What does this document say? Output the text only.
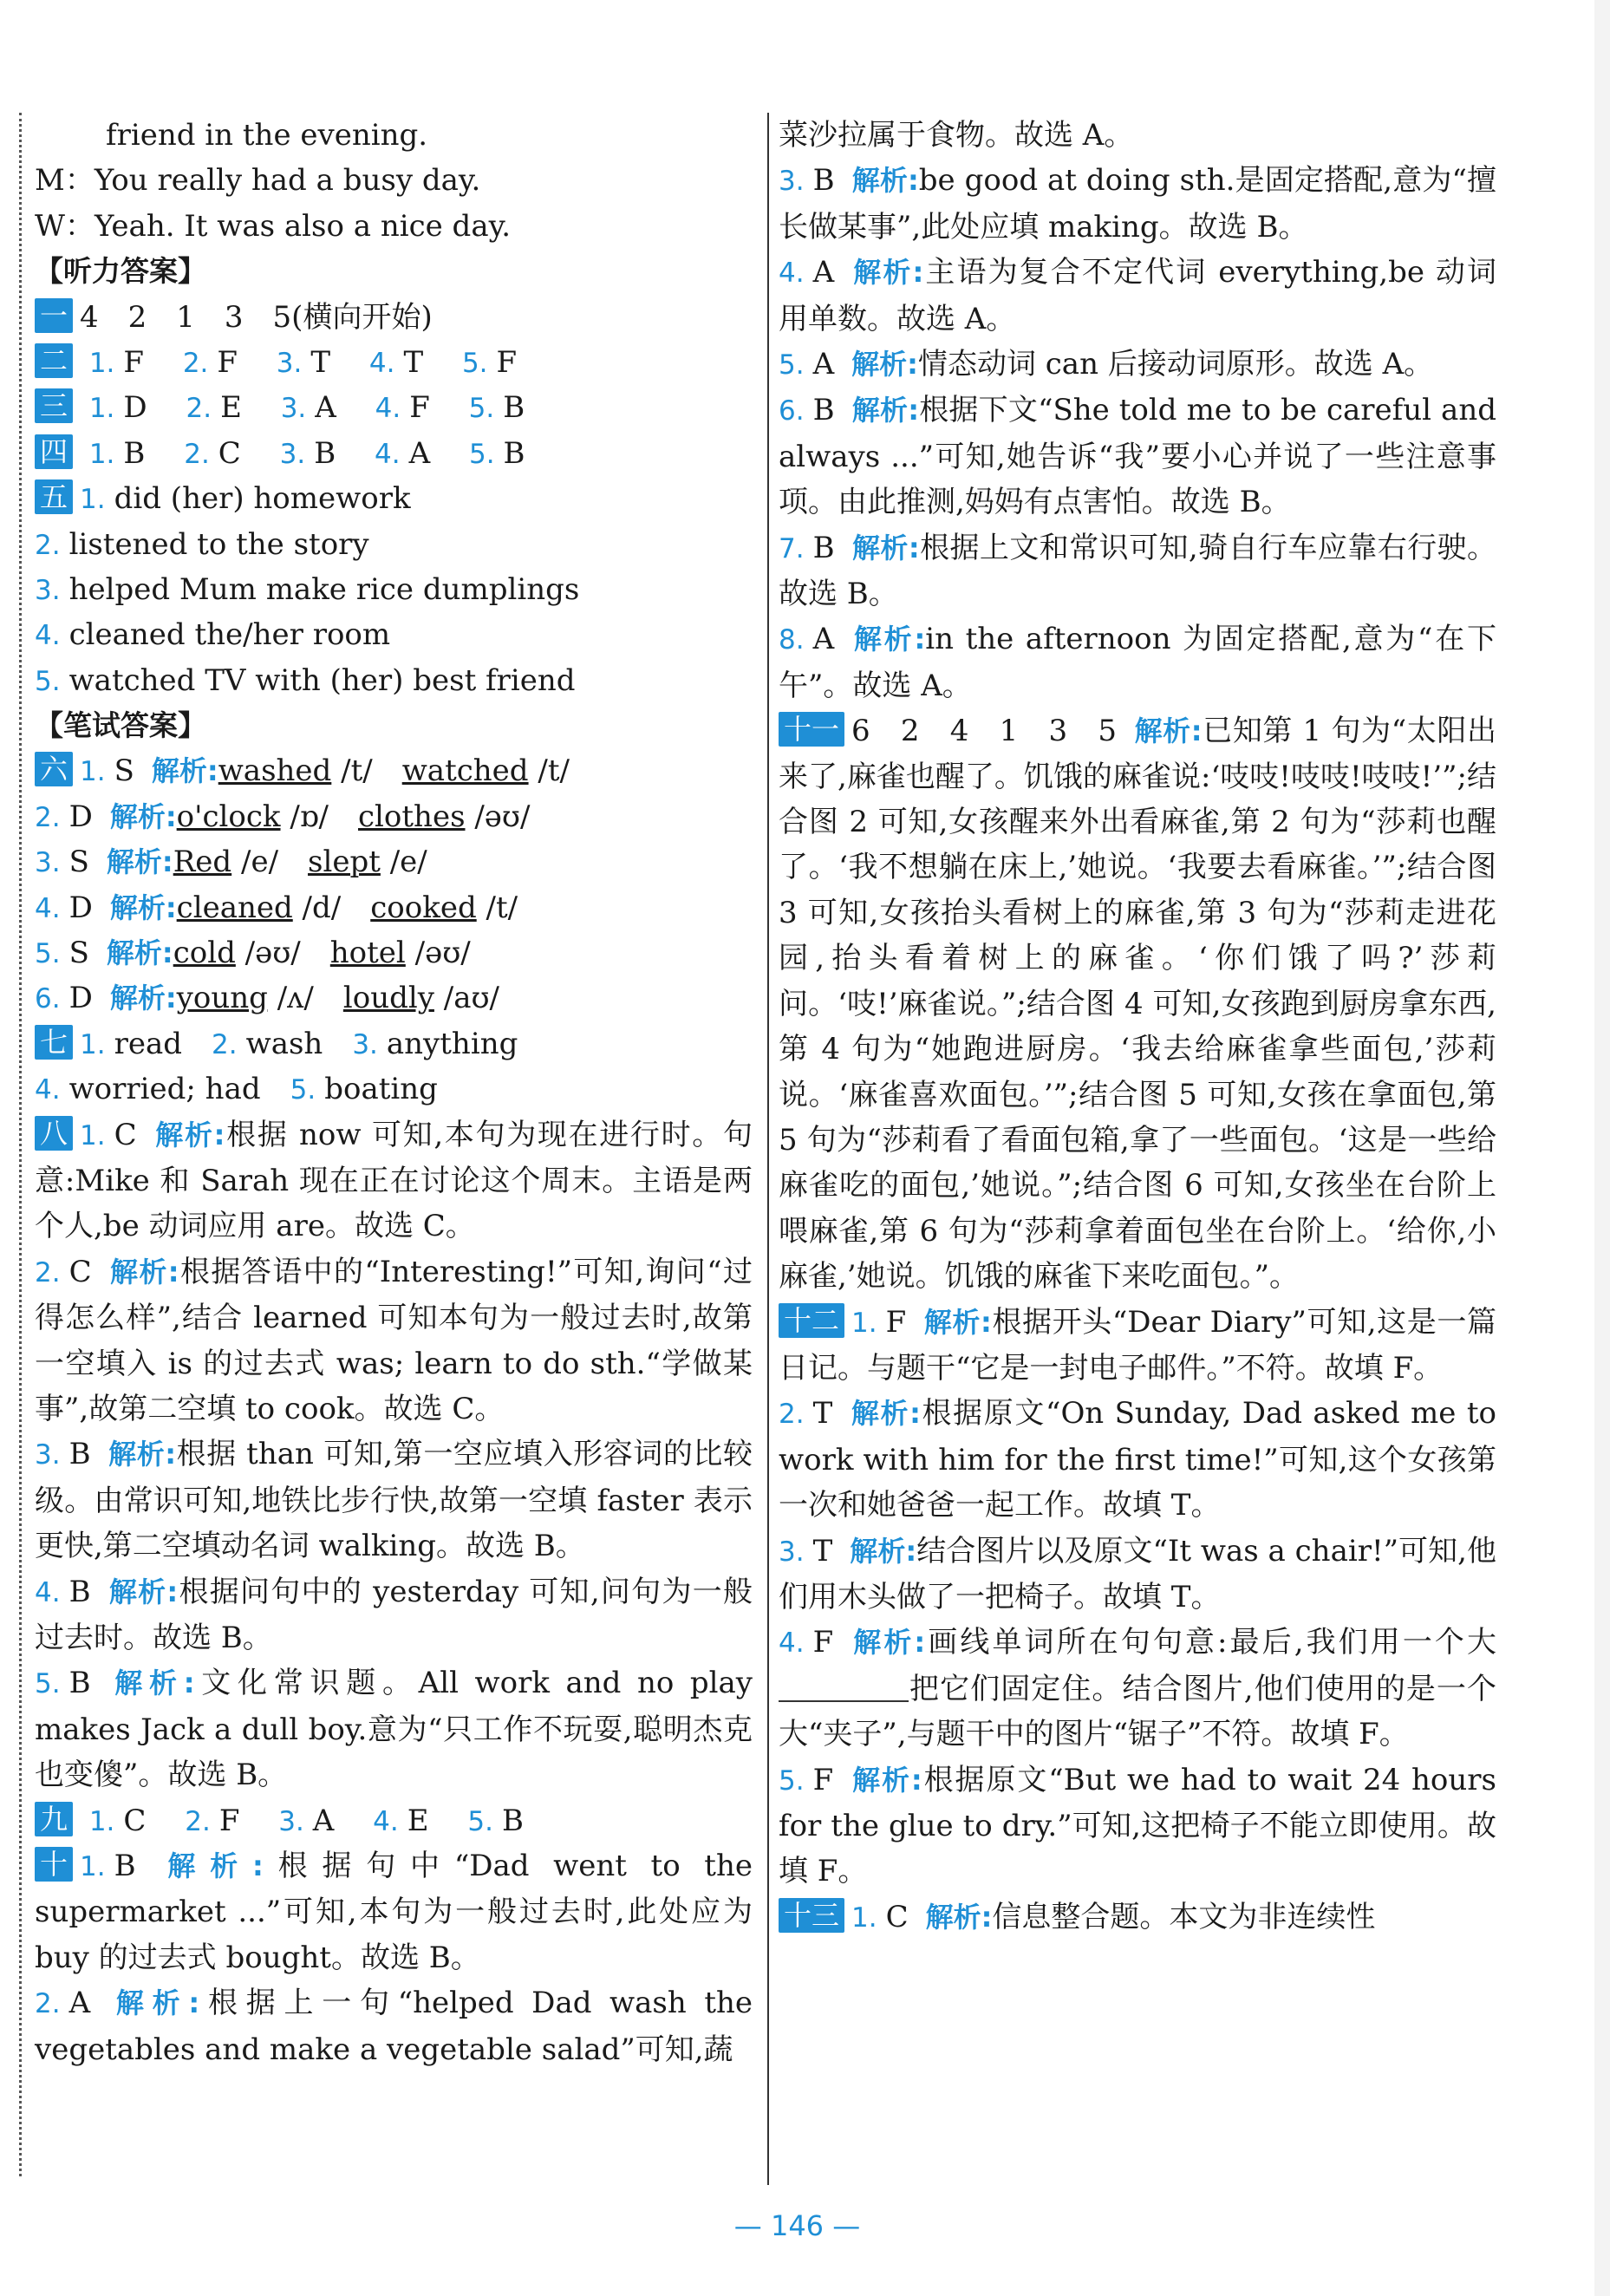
friend in the evening.
M：You really had a busy day.
W：Yeah. It was also a nice day.
【听力答案】
一 4　2　1　3　5(横向开始)
二 1. F  2. F  3. T  4. T  5. F
三 1. D  2. E  3. A  4. F  5. B
四 1. B  2. C  3. B  4. A  5. B
五 1. did (her) homework
2. listened to the story
3. helped Mum make rice dumplings
4. cleaned the/her room
5. watched TV with (her) best friend
【笔试答案】
六 1. S 解析:washed /t/  watched /t/
2. D 解析:o'clock /ɒ/  clothes /əʊ/
3. S 解析:Red /e/  slept /e/
4. D 解析:cleaned /d/  cooked /t/
5. S 解析:cold /əʊ/  hotel /əʊ/
6. D 解析:young /ʌ/  loudly /aʊ/
七 1. read  2. wash  3. anything
4. worried; had  5. boating
八 1. C 解析:根据 now 可知,本句为现在进行时。句意:Mike 和 Sarah 现在正在讨论这个周末。主语是两个人,be 动词应用 are。故选 C。
2. C 解析:根据答语中的“Interesting!”可知,询问“过得怎么样”,结合 learned 可知本句为一般过去时,故第一空填入 is 的过去式 was; learn to do sth.“学做某事”,故第二空填 to cook。故选 C。
3. B 解析:根据 than 可知,第一空应填入形容词的比较级。由常识可知,地铁比步行快,故第一空填 faster 表示更快,第二空填动名词 walking。故选 B。
4. B 解析:根据问句中的 yesterday 可知,问句为一般过去时。故选 B。
5. B 解析:文化常识题。All work and no play makes Jack a dull boy.意为“只工作不玩耍,聪明杰克也变傻”。故选 B。
九 1. C  2. F  3. A  4. E  5. B
十 1. B 解析:根据句中“Dad went to the supermarket ...”可知,本句为一般过去时,此处应为 buy 的过去式 bought。故选 B。
2. A 解析:根据上一句“helped Dad wash the vegetables and make a vegetable salad”可知,蔬
菜沙拉属于食物。故选 A。
3. B 解析:be good at doing sth.是固定搭配,意为“擅长做某事”,此处应填 making。故选 B。
4. A 解析:主语为复合不定代词 everything,be 动词用单数。故选 A。
5. A 解析:情态动词 can 后接动词原形。故选 A。
6. B 解析:根据下文“She told me to be careful and always ...”可知,她告诉“我”要小心并说了一些注意事项。由此推测,妈妈有点害怕。故选 B。
7. B 解析:根据上文和常识可知,骑自行车应靠右行驶。故选 B。
8. A 解析:in the afternoon 为固定搭配,意为“在下午”。故选 A。
十一 6　2　4　1　3　5 解析:已知第 1 句为“太阳出来了,麻雀也醒了。饥饿的麻雀说:‘吱吱!吱吱!吱吱!’”;结合图 2 可知,女孩醒来外出看麻雀,第 2 句为“莎莉也醒了。‘我不想躺在床上,’她说。‘我要去看麻雀。’”;结合图 3 可知,女孩抬头看树上的麻雀,第 3 句为“莎莉走进花园,抬头看着树上的麻雀。‘你们饿了吗?’莎莉问。‘吱!’麻雀说。”;结合图 4 可知,女孩跑到厨房拿东西,第 4 句为“她跑进厨房。‘我去给麻雀拿些面包,’莎莉说。‘麻雀喜欢面包。’”;结合图 5 可知,女孩在拿面包,第 5 句为“莎莉看了看面包箱,拿了一些面包。‘这是一些给麻雀吃的面包,’她说。”;结合图 6 可知,女孩坐在台阶上喂麻雀,第 6 句为“莎莉拿着面包坐在台阶上。‘给你,小麻雀,’她说。饥饿的麻雀下来吃面包。”。
十二 1. F 解析:根据开头“Dear Diary”可知,这是一篇日记。与题干“它是一封电子邮件。”不符。故填 F。
2. T 解析:根据原文“On Sunday, Dad asked me to work with him for the first time!”可知,这个女孩第一次和她爸爸一起工作。故填 T。
3. T 解析:结合图片以及原文“It was a chair!”可知,他们用木头做了一把椅子。故填 T。
4. F 解析:画线单词所在句句意:最后,我们用一个大把它们固定住。结合图片,他们使用的是一个大“夹子”,与题干中的图片“锯子”不符。故填 F。
5. F 解析:根据原文“But we had to wait 24 hours for the glue to dry.”可知,这把椅子不能立即使用。故填 F。
十三 1. C 解析:信息整合题。本文为非连续性
— 146 —
